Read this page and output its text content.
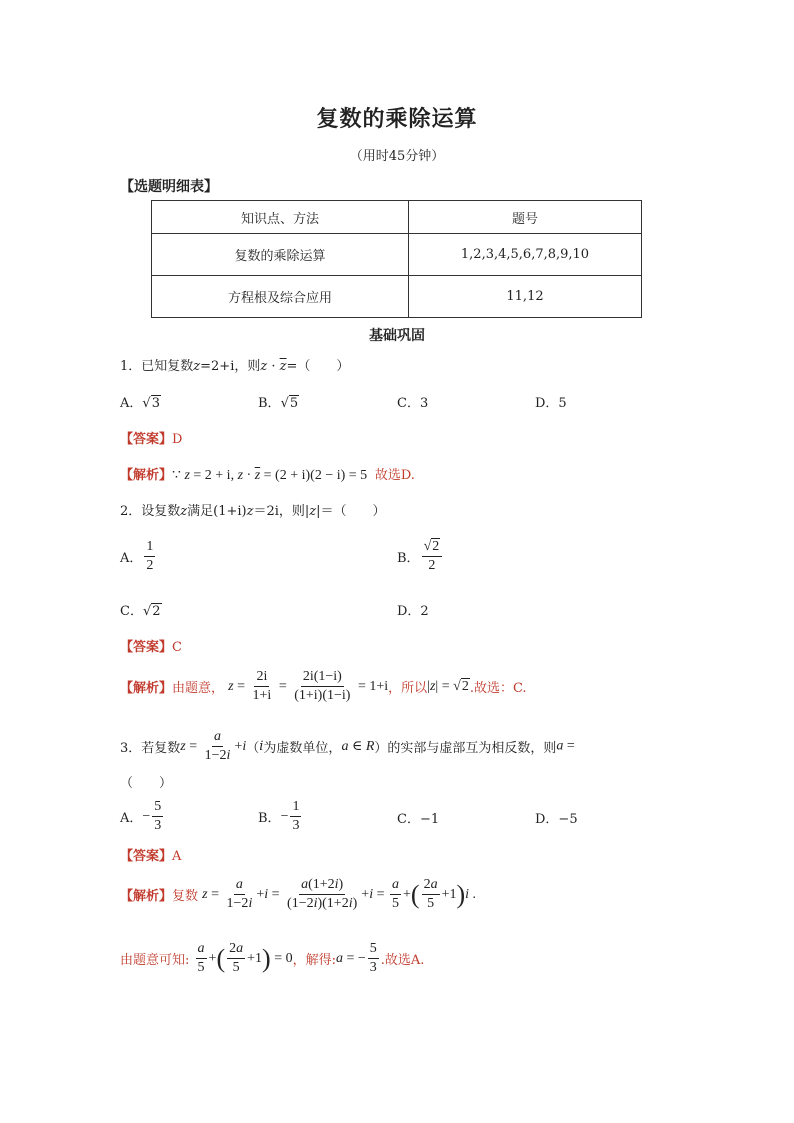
复数的乘除运算
（用时45分钟）
【选题明细表】
知识点、方法	题号
复数的乘除运算	1,2,3,4,5,6,7,8,9,10
方程根及综合应用	11,12
基础巩固
1．已知复数z=2+i，则$z \cdot \overline{z}=$（　　）
A．√3	B．√5	C．3	D．5
【答案】D
【解析】∵ z = 2 + i, $z \cdot \overline{z} = (2 + i)(2 - i) = 5$  故选D.
2．设复数z满足(1+i)z＝2i，则|z|＝（　　）
A． $\frac{1}{2}$	B． $\frac{√2}{2}$
C．√2	D．2
【答案】C
【解析】由题意， $z = \frac{2i}{1+i} = \frac{2i(1-i)}{(1+i)(1-i)} = 1+i$，所以|z| = √2.故选：C.
3．若复数$z = \frac{a}{1-2i} +i(i$为虚数单位，a ∈ R）的实部与虚部互为相反数，则a =
（　　）
A．− $\frac{5}{3}$	B．− $\frac{1}{3}$	C．−1	D．−5
【答案】A
【解析】复数 $z = \frac{a}{1-2i} +i = \frac{a(1+2i)}{(1-2i)(1+2i)} +i = \frac{a}{5}$ +( $\frac{2a}{5} +1)i$ .
由题意可知: $\frac{a}{5}$ +( $\frac{2a}{5} +1) = 0$，解得:a = − $\frac{5}{3}$ .故选A.
